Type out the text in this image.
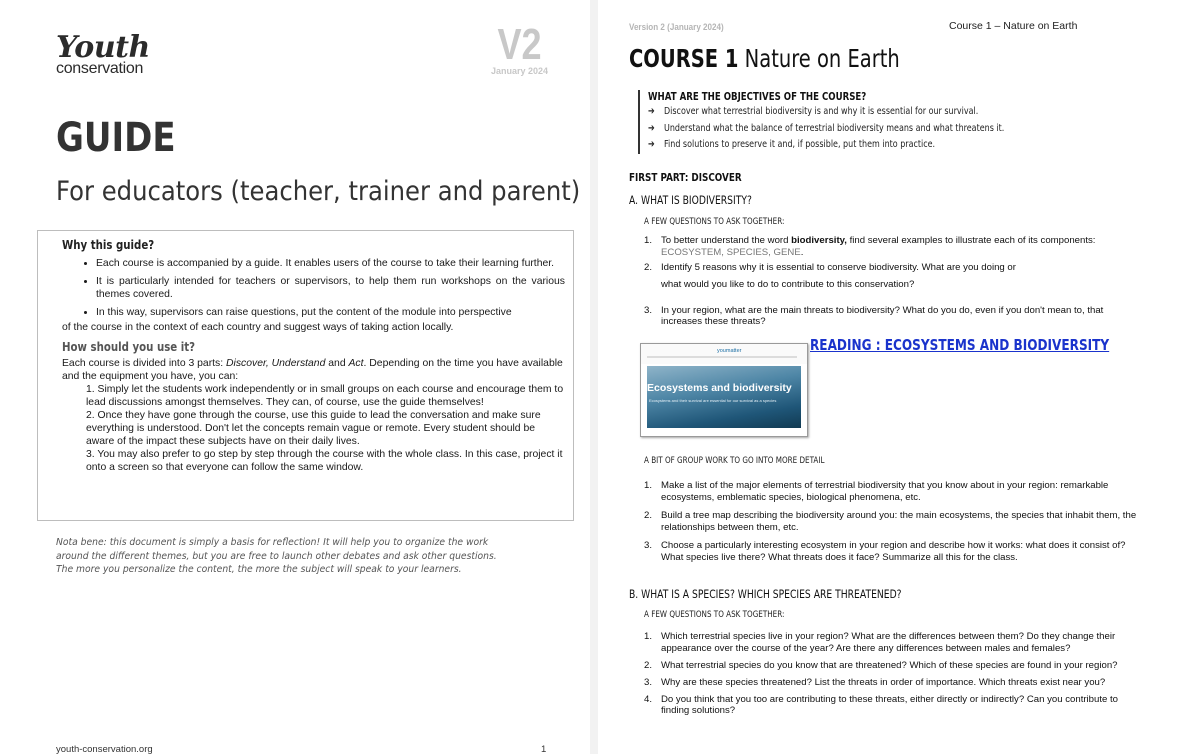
Youth
conservation	V2
January 2024
GUIDE
For educators (teacher, trainer and parent)
Why this guide?
• Each course is accompanied by a guide. It enables users of the course to take their learning further.
• It is particularly intended for teachers or supervisors, to help them run workshops on the various themes covered.
• In this way, supervisors can raise questions, put the content of the module into perspective
of the course in the context of each country and suggest ways of taking action locally.
How should you use it?

Each course is divided into 3 parts: Discover, Understand and Act. Depending on the time you have available and the equipment you have, you can:

1. Simply let the students work independently or in small groups on each course and encourage them to lead discussions amongst themselves. They can, of course, use the guide themselves!
2. Once they have gone through the course, use this guide to lead the conversation and make sure everything is understood. Don't let the concepts remain vague or remote. Every student should be aware of the impact these subjects have on their daily lives.
3. You may also prefer to go step by step through the course with the whole class. In this case, project it onto a screen so that everyone can follow the same window.
Nota bene: this document is simply a basis for reflection! It will help you to organize the work around the different themes, but you are free to launch other debates and ask other questions. The more you personalize the content, the more the subject will speak to your learners.
youth-conservation.org	1
Version 2 (January 2024)	Course 1 – Nature on Earth
COURSE 1 Nature on Earth
WHAT ARE THE OBJECTIVES OF THE COURSE?
➔ Discover what terrestrial biodiversity is and why it is essential for our survival.
➔ Understand what the balance of terrestrial biodiversity means and what threatens it.
➔ Find solutions to preserve it and, if possible, put them into practice.
FIRST PART: DISCOVER
A. WHAT IS BIODIVERSITY?
A FEW QUESTIONS TO ASK TOGETHER:
1. To better understand the word biodiversity, find several examples to illustrate each of its components:
ECOSYSTEM, SPECIES, GENE.
2. Identify 5 reasons why it is essential to conserve biodiversity. What are you doing or
what would you like to do to contribute to this conservation?
3. In your region, what are the main threats to biodiversity? What do you do, even if you don't mean to, that increases these threats?
youmatter
Ecosystems and biodiversity
Ecosystems and their survival are essential for our survival as a species
READING : ECOSYSTEMS AND BIODIVERSITY
A BIT OF GROUP WORK TO GO INTO MORE DETAIL
1. Make a list of the major elements of terrestrial biodiversity that you know about in your region: remarkable ecosystems, emblematic species, biological phenomena, etc.
2. Build a tree map describing the biodiversity around you: the main ecosystems, the species that inhabit them, the relationships between them, etc.
3. Choose a particularly interesting ecosystem in your region and describe how it works: what does it consist of? What species live there? What threats does it face? Summarize all this for the class.
B. WHAT IS A SPECIES? WHICH SPECIES ARE THREATENED?
A FEW QUESTIONS TO ASK TOGETHER:
1. Which terrestrial species live in your region? What are the differences between them? Do they change their appearance over the course of the year? Are there any differences between males and females?
2. What terrestrial species do you know that are threatened? Which of these species are found in your region?
3. Why are these species threatened? List the threats in order of importance. Which threats exist near you?
4. Do you think that you too are contributing to these threats, either directly or indirectly? Can you contribute to finding solutions?
